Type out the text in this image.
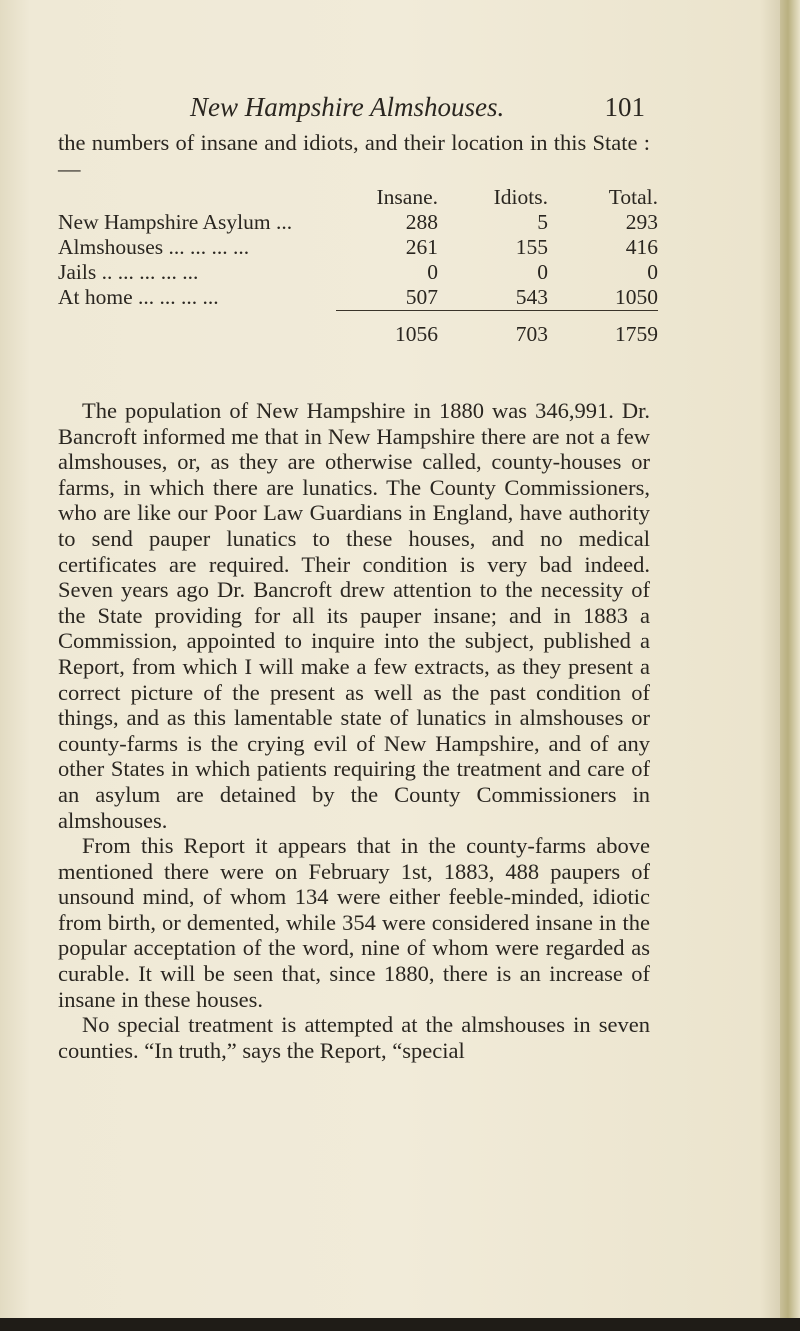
New Hampshire Almshouses.	101

the numbers of insane and idiots, and their location in this State :—

	Insane.	Idiots.	Total.
New Hampshire Asylum ...	288	5	293
Almshouses ... ... ... ...	261	155	416
Jails .. ... ... ... ...	0	0	0
At home ... ... ... ...	507	543	1050
	1056	703	1759

The population of New Hampshire in 1880 was 346,991. Dr. Bancroft informed me that in New Hampshire there are not a few almshouses, or, as they are otherwise called, county-houses or farms, in which there are lunatics. The County Commissioners, who are like our Poor Law Guardians in England, have authority to send pauper lunatics to these houses, and no medical certificates are required. Their condition is very bad indeed. Seven years ago Dr. Bancroft drew attention to the necessity of the State providing for all its pauper insane; and in 1883 a Commission, appointed to inquire into the subject, published a Report, from which I will make a few extracts, as they present a correct picture of the present as well as the past condition of things, and as this lamentable state of lunatics in almshouses or county-farms is the crying evil of New Hampshire, and of any other States in which patients requiring the treatment and care of an asylum are detained by the County Commissioners in almshouses.

From this Report it appears that in the county-farms above mentioned there were on February 1st, 1883, 488 paupers of unsound mind, of whom 134 were either feeble-minded, idiotic from birth, or demented, while 354 were considered insane in the popular acceptation of the word, nine of whom were regarded as curable. It will be seen that, since 1880, there is an increase of insane in these houses.

No special treatment is attempted at the almshouses in seven counties. “In truth,” says the Report, “special
